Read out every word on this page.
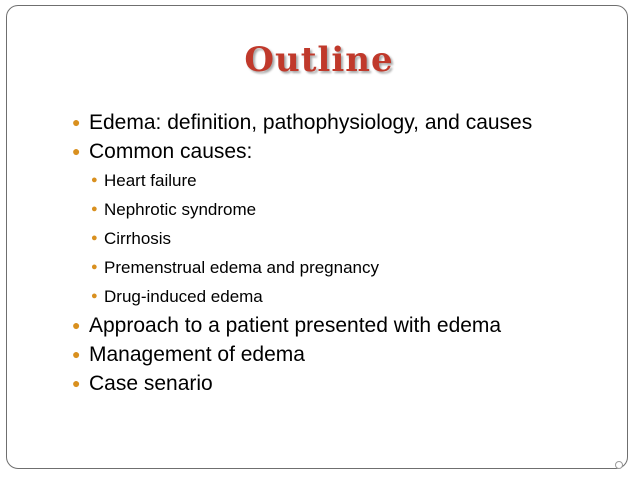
Outline
● Edema: definition, pathophysiology, and causes
● Common causes:
● Heart failure
● Nephrotic syndrome
● Cirrhosis
● Premenstrual edema and pregnancy
● Drug-induced edema
● Approach to a patient presented with edema
● Management of edema
● Case senario
